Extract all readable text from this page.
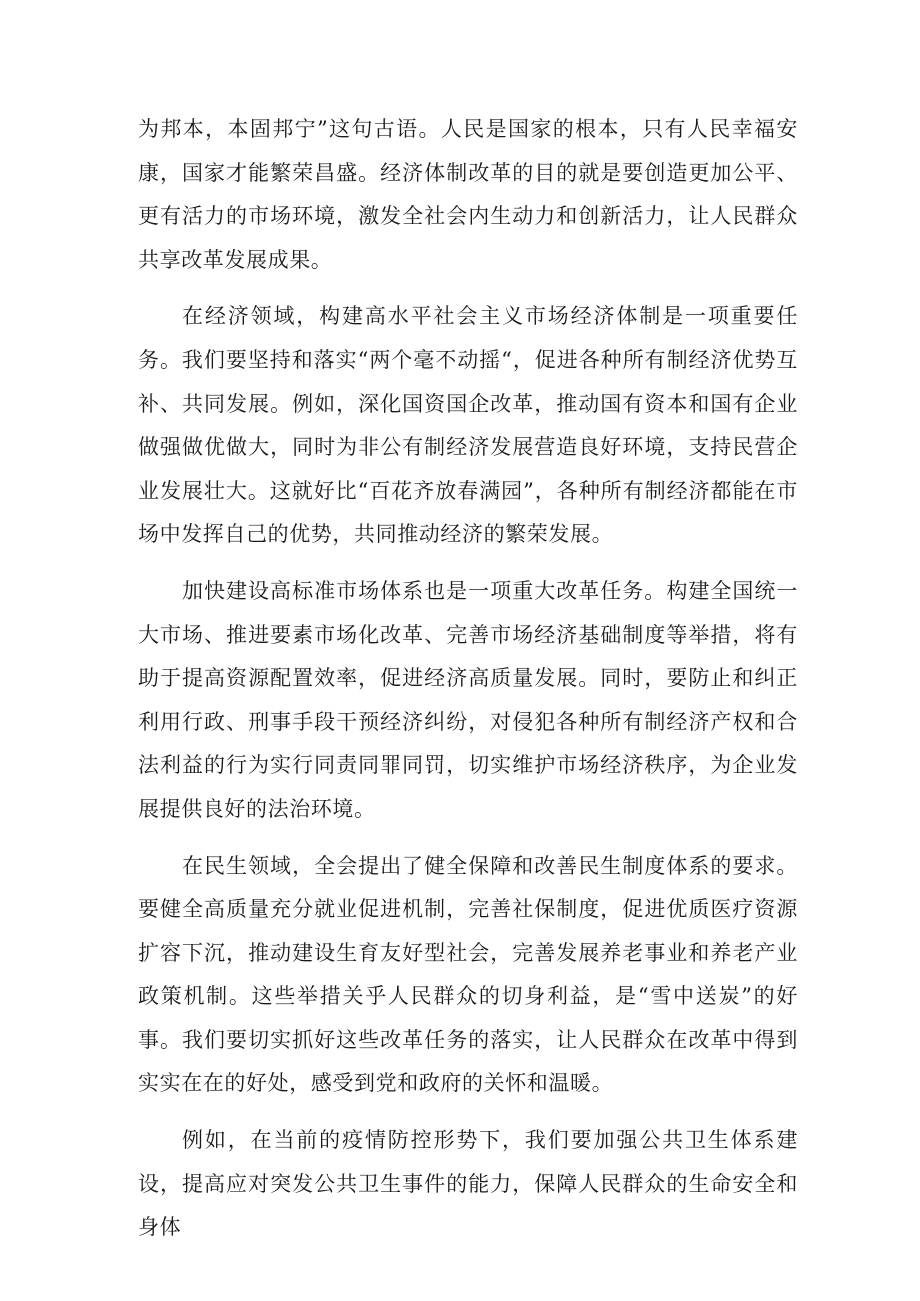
为邦本，本固邦宁”这句古语。人民是国家的根本，只有人民幸福安康，国家才能繁荣昌盛。经济体制改革的目的就是要创造更加公平、更有活力的市场环境，激发全社会内生动力和创新活力，让人民群众共享改革发展成果。

在经济领域，构建高水平社会主义市场经济体制是一项重要任务。我们要坚持和落实“两个毫不动摇“，促进各种所有制经济优势互补、共同发展。例如，深化国资国企改革，推动国有资本和国有企业做强做优做大，同时为非公有制经济发展营造良好环境，支持民营企业发展壮大。这就好比“百花齐放春满园”，各种所有制经济都能在市场中发挥自己的优势，共同推动经济的繁荣发展。

加快建设高标准市场体系也是一项重大改革任务。构建全国统一大市场、推进要素市场化改革、完善市场经济基础制度等举措，将有助于提高资源配置效率，促进经济高质量发展。同时，要防止和纠正利用行政、刑事手段干预经济纠纷，对侵犯各种所有制经济产权和合法利益的行为实行同责同罪同罚，切实维护市场经济秩序，为企业发展提供良好的法治环境。

在民生领域，全会提出了健全保障和改善民生制度体系的要求。要健全高质量充分就业促进机制，完善社保制度，促进优质医疗资源扩容下沉，推动建设生育友好型社会，完善发展养老事业和养老产业政策机制。这些举措关乎人民群众的切身利益，是“雪中送炭”的好事。我们要切实抓好这些改革任务的落实，让人民群众在改革中得到实实在在的好处，感受到党和政府的关怀和温暖。

例如，在当前的疫情防控形势下，我们要加强公共卫生体系建设，提高应对突发公共卫生事件的能力，保障人民群众的生命安全和身体
